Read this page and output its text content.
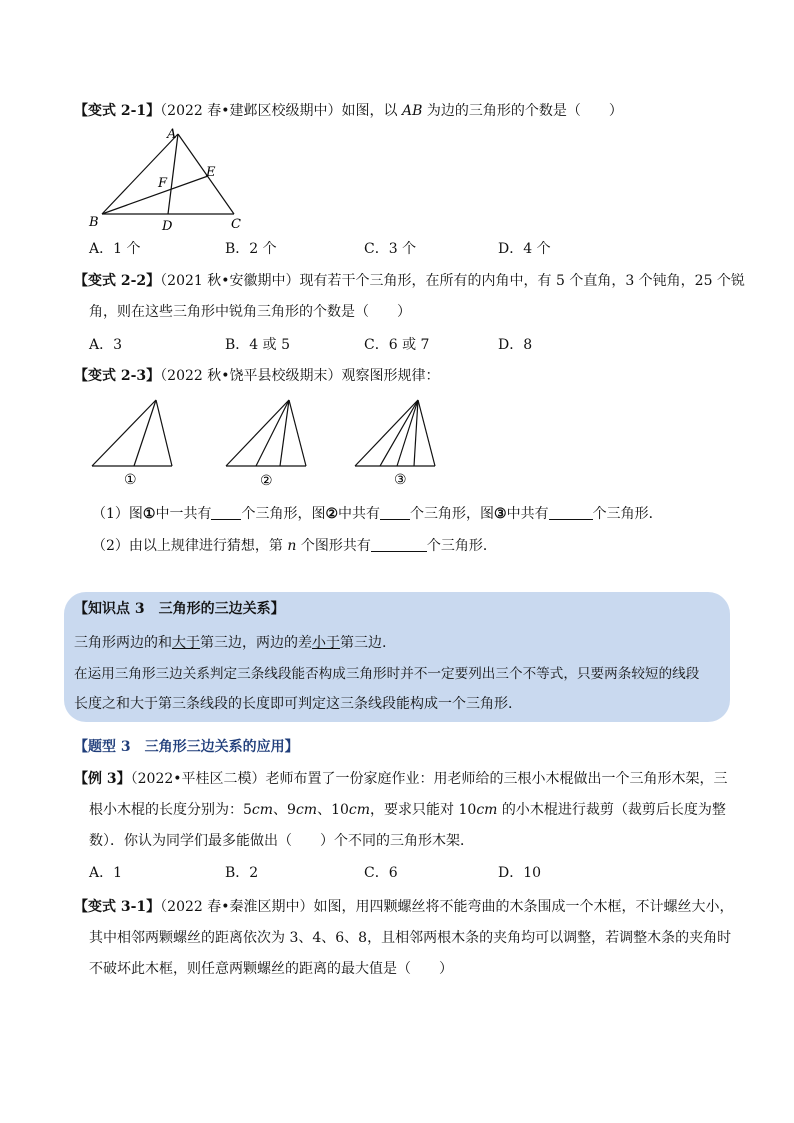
【变式 2-1】（2022 春•建邺区校级期中）如图，以 AB 为边的三角形的个数是（　　）
A
E
F
B	D	C
A．1 个	B．2 个	C．3 个	D．4 个
【变式 2-2】（2021 秋•安徽期中）现有若干个三角形，在所有的内角中，有 5 个直角，3 个钝角，25 个锐
角，则在这些三角形中锐角三角形的个数是（　　）
A．3	B．4 或 5	C．6 或 7	D．8
【变式 2-3】（2022 秋•饶平县校级期末）观察图形规律：
①	②	③
（1）图①中一共有 个三角形，图②中共有 个三角形，图③中共有	个三角形．
（2）由以上规律进行猜想，第 n 个图形共有	个三角形．
【知识点 3　三角形的三边关系】
三角形两边的和大于第三边，两边的差小于第三边.
在运用三角形三边关系判定三条线段能否构成三角形时并不一定要列出三个不等式，只要两条较短的线段
长度之和大于第三条线段的长度即可判定这三条线段能构成一个三角形.
【题型 3　三角形三边关系的应用】
【例 3】（2022•平桂区二模）老师布置了一份家庭作业：用老师给的三根小木棍做出一个三角形木架，三
根小木棍的长度分别为：5cm、9cm、10cm，要求只能对 10cm 的小木棍进行裁剪（裁剪后长度为整
数）．你认为同学们最多能做出（　　）个不同的三角形木架．
A．1	B．2	C．6	D．10
【变式 3-1】（2022 春•秦淮区期中）如图，用四颗螺丝将不能弯曲的木条围成一个木框，不计螺丝大小，
其中相邻两颗螺丝的距离依次为 3、4、6、8，且相邻两根木条的夹角均可以调整，若调整木条的夹角时
不破坏此木框，则任意两颗螺丝的距离的最大值是（　　）
